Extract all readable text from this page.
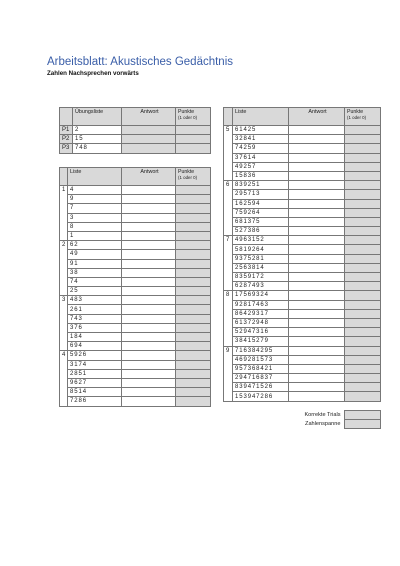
Arbeitsblatt: Akustisches Gedächtnis
Zahlen Nachsprechen vorwärts
	Übungsliste	Antwort	Punkte
(1 oder 0)

P1	2		
P2	15		
P3	748		
	Liste	Antwort	Punkte
(1 oder 0)

1	4		
	9		
	7		
	3		
	8		
	1		
2	62		
	49		
	91		
	38		
	74		
	25		
3	483		
	261		
	743		
	376		
	184		
	694		
4	5926		
	3174		
	2851		
	9627		
	8514		
	7286		
	Liste	Antwort	Punkte
(1 oder 0)

5	61425		
	32841		
	74259		
	37614		
	49257		
	15836		
6	839251		
	295713		
	162594		
	759264		
	681375		
	527386		
7	4963152		
	5819264		
	9375281		
	2563814		
	8359172		
	6287493		
8	17569324		
	92817463		
	86429317		
	61372948		
	52947316		
	38415279		
9	716384295		
	469281573		
	957368421		
	294716837		
	839471526		
	153947286		
Korrekte Trials	
Zahlenspanne	
